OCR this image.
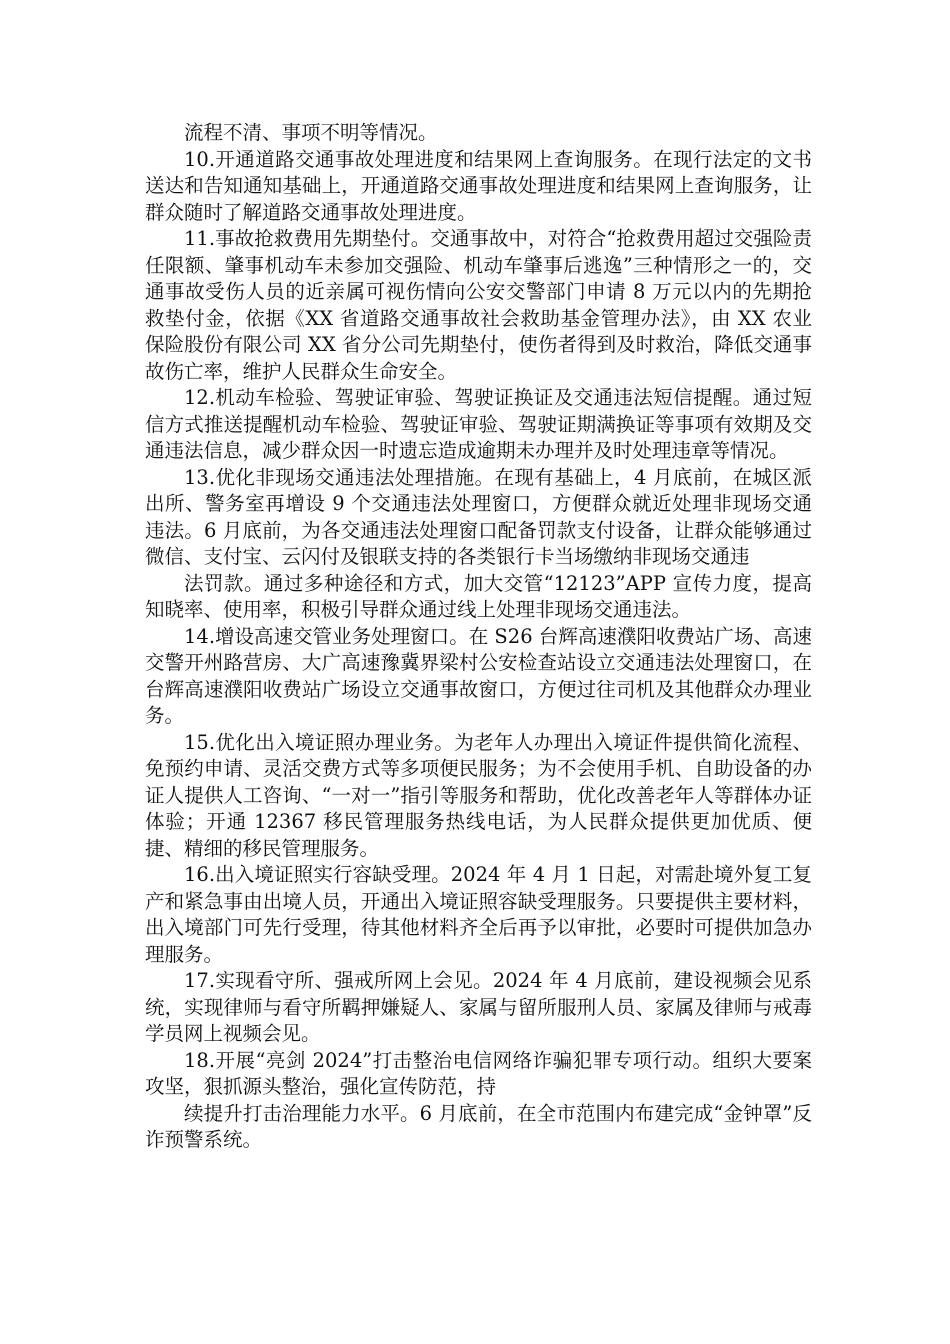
流程不清、事项不明等情况。

10.开通道路交通事故处理进度和结果网上查询服务。在现行法定的文书送达和告知通知基础上，开通道路交通事故处理进度和结果网上查询服务，让群众随时了解道路交通事故处理进度。

11.事故抢救费用先期垫付。交通事故中，对符合“抢救费用超过交强险责任限额、肇事机动车未参加交强险、机动车肇事后逃逸”三种情形之一的，交通事故受伤人员的近亲属可视伤情向公安交警部门申请 8 万元以内的先期抢救垫付金，依据《XX 省道路交通事故社会救助基金管理办法》，由 XX 农业保险股份有限公司 XX 省分公司先期垫付，使伤者得到及时救治，降低交通事故伤亡率，维护人民群众生命安全。

12.机动车检验、驾驶证审验、驾驶证换证及交通违法短信提醒。通过短信方式推送提醒机动车检验、驾驶证审验、驾驶证期满换证等事项有效期及交通违法信息，减少群众因一时遗忘造成逾期未办理并及时处理违章等情况。

13.优化非现场交通违法处理措施。在现有基础上，4 月底前，在城区派出所、警务室再增设 9 个交通违法处理窗口，方便群众就近处理非现场交通违法。6 月底前，为各交通违法处理窗口配备罚款支付设备，让群众能够通过微信、支付宝、云闪付及银联支持的各类银行卡当场缴纳非现场交通违

法罚款。通过多种途径和方式，加大交管“12123”APP 宣传力度，提高知晓率、使用率，积极引导群众通过线上处理非现场交通违法。

14.增设高速交管业务处理窗口。在 S26 台辉高速濮阳收费站广场、高速交警开州路营房、大广高速豫冀界梁村公安检查站设立交通违法处理窗口，在台辉高速濮阳收费站广场设立交通事故窗口，方便过往司机及其他群众办理业务。

15.优化出入境证照办理业务。为老年人办理出入境证件提供简化流程、免预约申请、灵活交费方式等多项便民服务；为不会使用手机、自助设备的办证人提供人工咨询、“一对一”指引等服务和帮助，优化改善老年人等群体办证体验；开通 12367 移民管理服务热线电话，为人民群众提供更加优质、便捷、精细的移民管理服务。

16.出入境证照实行容缺受理。2024 年 4 月 1 日起，对需赴境外复工复产和紧急事由出境人员，开通出入境证照容缺受理服务。只要提供主要材料，出入境部门可先行受理，待其他材料齐全后再予以审批，必要时可提供加急办理服务。

17.实现看守所、强戒所网上会见。2024 年 4 月底前，建设视频会见系统，实现律师与看守所羁押嫌疑人、家属与留所服刑人员、家属及律师与戒毒学员网上视频会见。

18.开展“亮剑 2024”打击整治电信网络诈骗犯罪专项行动。组织大要案攻坚，狠抓源头整治，强化宣传防范，持

续提升打击治理能力水平。6 月底前，在全市范围内布建完成“金钟罩”反诈预警系统。
